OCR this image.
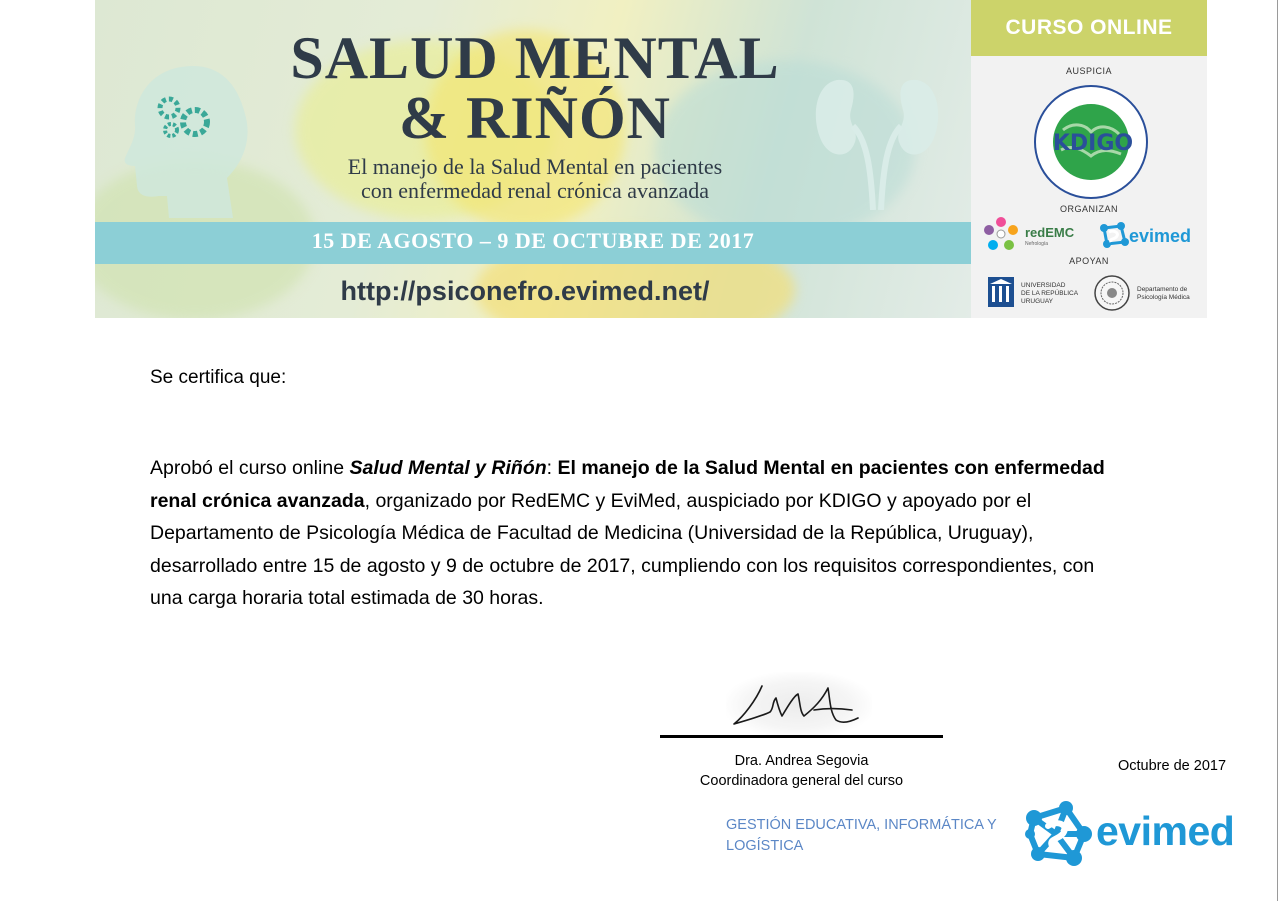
SALUD MENTAL
& RIÑÓN
El manejo de la Salud Mental en pacientes
con enfermedad renal crónica avanzada
15 DE AGOSTO – 9 DE OCTUBRE DE 2017
http://psiconefro.evimed.net/
CURSO ONLINE
AUSPICIA
KDIGO
ORGANIZAN
redEMC
Nefrología	evimed
APOYAN
UNIVERSIDAD
DE LA REPÚBLICA
URUGUAY
Departamento de
Psicología Médica
Se certifica que:
Aprobó el curso online Salud Mental y Riñón: El manejo de la Salud Mental en pacientes con enfermedad renal crónica avanzada, organizado por RedEMC y EviMed, auspiciado por KDIGO y apoyado por el Departamento de Psicología Médica de Facultad de Medicina (Universidad de la República, Uruguay), desarrollado entre 15 de agosto y 9 de octubre de 2017, cumpliendo con los requisitos correspondientes, con una carga horaria total estimada de 30 horas.
Dra. Andrea Segovia
Coordinadora general del curso
Octubre de 2017
GESTIÓN EDUCATIVA, INFORMÁTICA Y LOGÍSTICA	evimed
